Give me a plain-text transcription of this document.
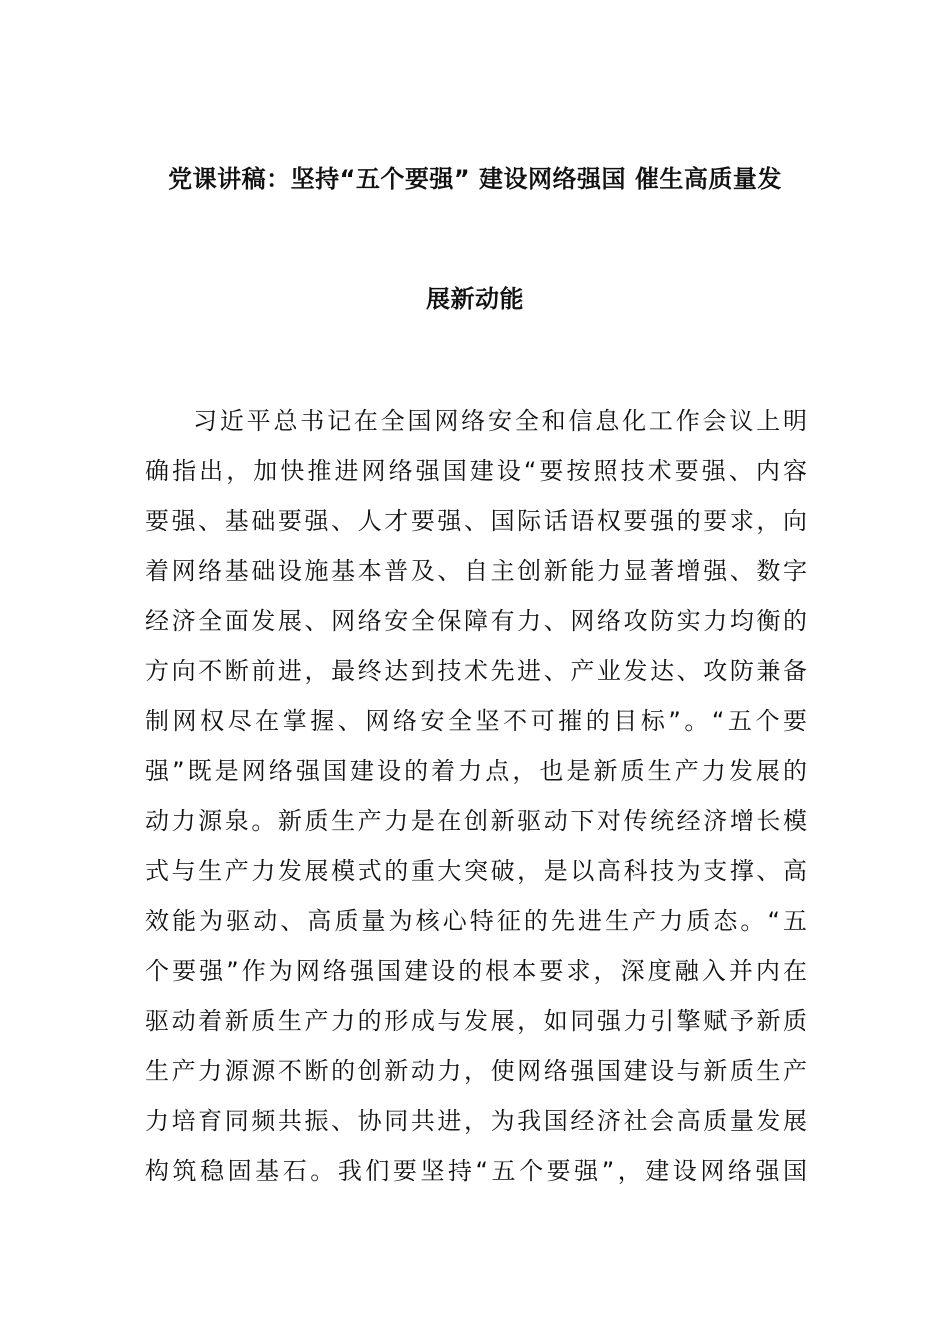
党课讲稿：坚持“五个要强” 建设网络强国 催生高质量发
展新动能
习近平总书记在全国网络安全和信息化工作会议上明
确指出，加快推进网络强国建设“要按照技术要强、内容
要强、基础要强、人才要强、国际话语权要强的要求，向
着网络基础设施基本普及、自主创新能力显著增强、数字
经济全面发展、网络安全保障有力、网络攻防实力均衡的
方向不断前进，最终达到技术先进、产业发达、攻防兼备
制网权尽在掌握、网络安全坚不可摧的目标”。“五个要
强”既是网络强国建设的着力点，也是新质生产力发展的
动力源泉。新质生产力是在创新驱动下对传统经济增长模
式与生产力发展模式的重大突破，是以高科技为支撑、高
效能为驱动、高质量为核心特征的先进生产力质态。“五
个要强”作为网络强国建设的根本要求，深度融入并内在
驱动着新质生产力的形成与发展，如同强力引擎赋予新质
生产力源源不断的创新动力，使网络强国建设与新质生产
力培育同频共振、协同共进，为我国经济社会高质量发展
构筑稳固基石。我们要坚持“五个要强”，建设网络强国
